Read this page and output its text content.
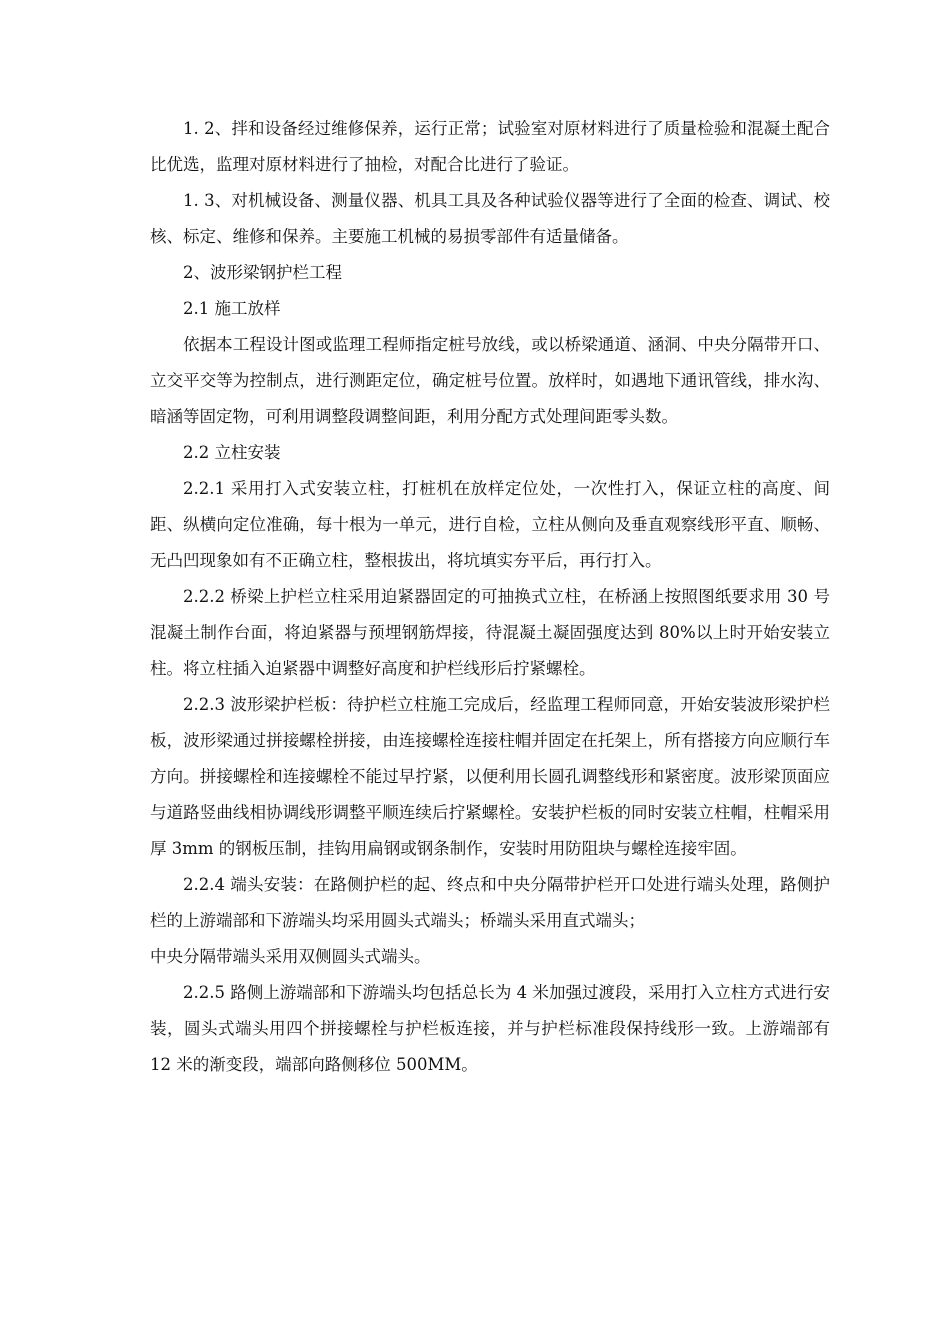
1. 2、拌和设备经过维修保养，运行正常；试验室对原材料进行了质量检验和混凝土配合比优选，监理对原材料进行了抽检，对配合比进行了验证。

1. 3、对机械设备、测量仪器、机具工具及各种试验仪器等进行了全面的检查、调试、校核、标定、维修和保养。主要施工机械的易损零部件有适量储备。

2、波形梁钢护栏工程

2.1 施工放样

依据本工程设计图或监理工程师指定桩号放线，或以桥梁通道、涵洞、中央分隔带开口、立交平交等为控制点，进行测距定位，确定桩号位置。放样时，如遇地下通讯管线，排水沟、暗涵等固定物，可利用调整段调整间距，利用分配方式处理间距零头数。

2.2 立柱安装

2.2.1 采用打入式安装立柱，打桩机在放样定位处，一次性打入，保证立柱的高度、间距、纵横向定位准确，每十根为一单元，进行自检，立柱从侧向及垂直观察线形平直、顺畅、无凸凹现象如有不正确立柱，整根拔出，将坑填实夯平后，再行打入。

2.2.2 桥梁上护栏立柱采用迫紧器固定的可抽换式立柱，在桥涵上按照图纸要求用 30 号混凝土制作台面，将迫紧器与预埋钢筋焊接，待混凝土凝固强度达到 80%以上时开始安装立柱。将立柱插入迫紧器中调整好高度和护栏线形后拧紧螺栓。

2.2.3 波形梁护栏板：待护栏立柱施工完成后，经监理工程师同意，开始安装波形梁护栏板，波形梁通过拼接螺栓拼接，由连接螺栓连接柱帽并固定在托架上，所有搭接方向应顺行车方向。拼接螺栓和连接螺栓不能过早拧紧，以便利用长圆孔调整线形和紧密度。波形梁顶面应与道路竖曲线相协调线形调整平顺连续后拧紧螺栓。安装护栏板的同时安装立柱帽，柱帽采用厚 3mm 的钢板压制，挂钩用扁钢或钢条制作，安装时用防阻块与螺栓连接牢固。

2.2.4 端头安装：在路侧护栏的起、终点和中央分隔带护栏开口处进行端头处理，路侧护栏的上游端部和下游端头均采用圆头式端头；桥端头采用直式端头；

中央分隔带端头采用双侧圆头式端头。

2.2.5 路侧上游端部和下游端头均包括总长为 4 米加强过渡段，采用打入立柱方式进行安装，圆头式端头用四个拼接螺栓与护栏板连接，并与护栏标准段保持线形一致。上游端部有 12 米的渐变段，端部向路侧移位 500MM。
